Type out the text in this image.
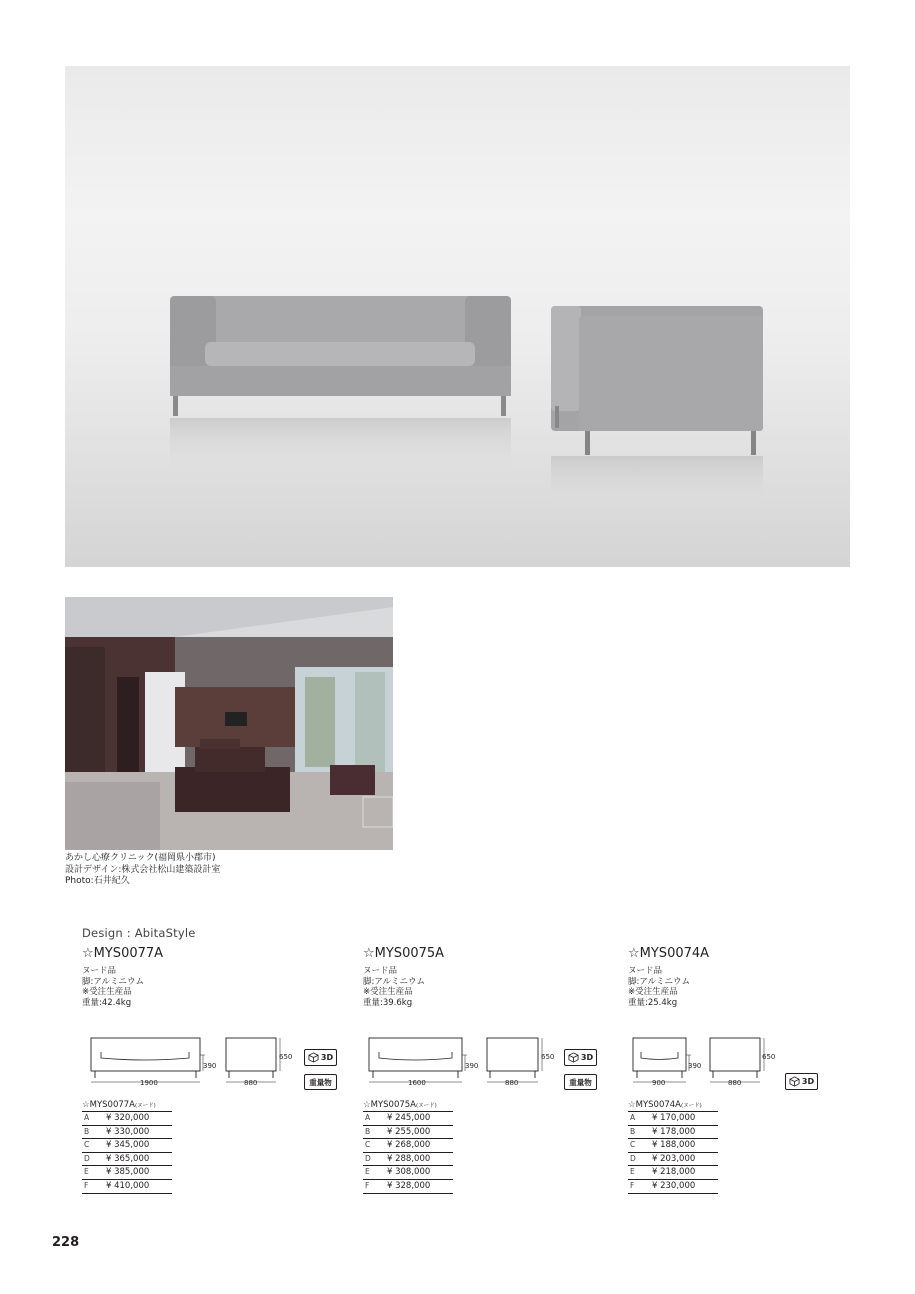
あかし心療クリニック(福岡県小郡市)
設計デザイン:株式会社松山建築設計室
Photo:石井紀久
Design : AbitaStyle
☆MYS0077A
ヌード品
脚:アルミニウム
※受注生産品
重量:42.4kg
390
1900
650
880
3D
重量物
☆MYS0077A(ヌード)
A	¥ 320,000
B	¥ 330,000
C	¥ 345,000
D	¥ 365,000
E	¥ 385,000
F	¥ 410,000
☆MYS0075A
ヌード品
脚:アルミニウム
※受注生産品
重量:39.6kg
390
1600
650
880
3D
重量物
☆MYS0075A(ヌード)
A	¥ 245,000
B	¥ 255,000
C	¥ 268,000
D	¥ 288,000
E	¥ 308,000
F	¥ 328,000
☆MYS0074A
ヌード品
脚:アルミニウム
※受注生産品
重量:25.4kg
390
900
650
880	3D
☆MYS0074A(ヌード)
A	¥ 170,000
B	¥ 178,000
C	¥ 188,000
D	¥ 203,000
E	¥ 218,000
F	¥ 230,000
228
